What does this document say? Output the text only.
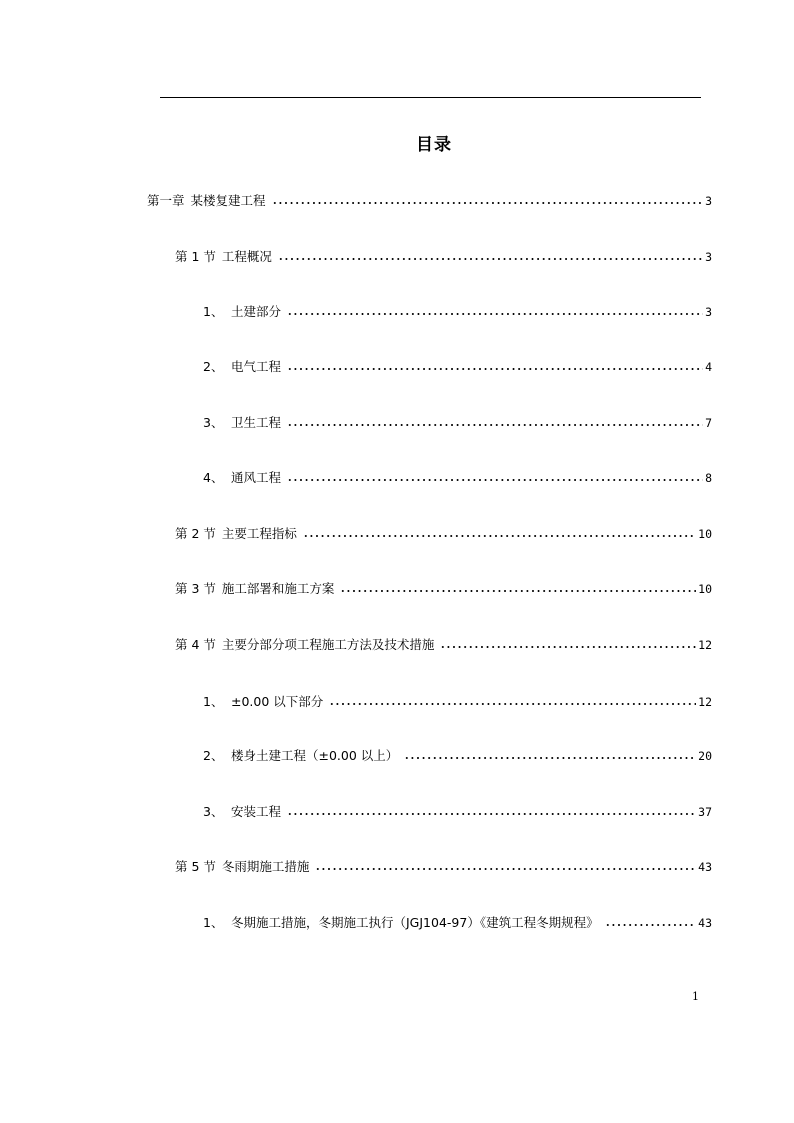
目录
第一章 某楼复建工程	3
第 1 节 工程概况	3
1、 土建部分	3
2、 电气工程	4
3、 卫生工程	7
4、 通风工程	8
第 2 节 主要工程指标	10
第 3 节 施工部署和施工方案	10
第 4 节 主要分部分项工程施工方法及技术措施	12
1、 ±0.00 以下部分	12
2、 楼身土建工程（±0.00 以上）	20
3、 安装工程	37
第 5 节 冬雨期施工措施	43
1、 冬期施工措施，冬期施工执行（JGJ104-97）《建筑工程冬期规程》	43
1
